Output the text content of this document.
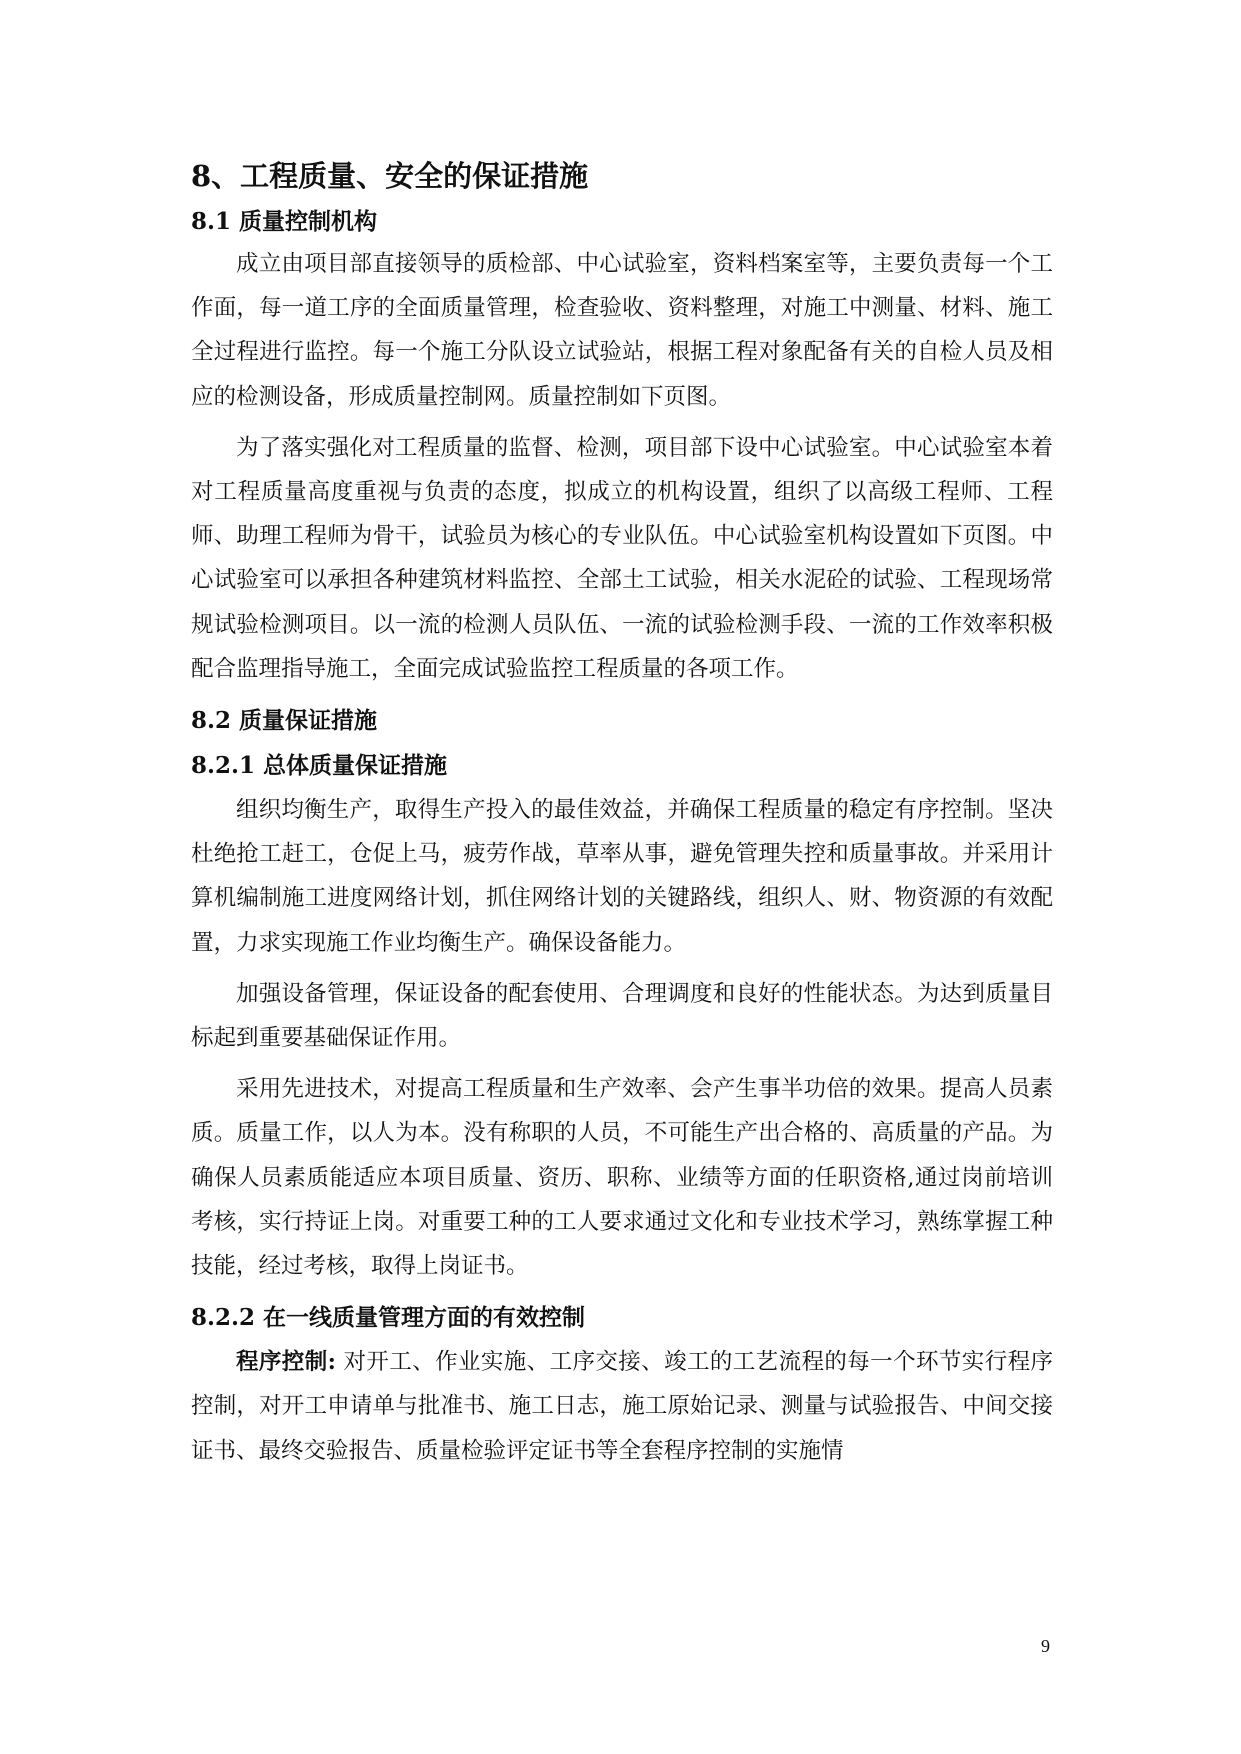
8、工程质量、安全的保证措施
8.1 质量控制机构

成立由项目部直接领导的质检部、中心试验室，资料档案室等，主要负责每一个工作面，每一道工序的全面质量管理，检查验收、资料整理，对施工中测量、材料、施工全过程进行监控。每一个施工分队设立试验站，根据工程对象配备有关的自检人员及相应的检测设备，形成质量控制网。质量控制如下页图。

为了落实强化对工程质量的监督、检测，项目部下设中心试验室。中心试验室本着对工程质量高度重视与负责的态度，拟成立的机构设置，组织了以高级工程师、工程师、助理工程师为骨干，试验员为核心的专业队伍。中心试验室机构设置如下页图。中心试验室可以承担各种建筑材料监控、全部土工试验，相关水泥砼的试验、工程现场常规试验检测项目。以一流的检测人员队伍、一流的试验检测手段、一流的工作效率积极配合监理指导施工，全面完成试验监控工程质量的各项工作。

8.2 质量保证措施
8.2.1 总体质量保证措施

组织均衡生产，取得生产投入的最佳效益，并确保工程质量的稳定有序控制。坚决杜绝抢工赶工，仓促上马，疲劳作战，草率从事，避免管理失控和质量事故。并采用计算机编制施工进度网络计划，抓住网络计划的关键路线，组织人、财、物资源的有效配置，力求实现施工作业均衡生产。确保设备能力。

加强设备管理，保证设备的配套使用、合理调度和良好的性能状态。为达到质量目标起到重要基础保证作用。

采用先进技术，对提高工程质量和生产效率、会产生事半功倍的效果。提高人员素质。质量工作，以人为本。没有称职的人员，不可能生产出合格的、高质量的产品。为确保人员素质能适应本项目质量、资历、职称、业绩等方面的任职资格,通过岗前培训考核，实行持证上岗。对重要工种的工人要求通过文化和专业技术学习，熟练掌握工种技能，经过考核，取得上岗证书。

8.2.2 在一线质量管理方面的有效控制

程序控制: 对开工、作业实施、工序交接、竣工的工艺流程的每一个环节实行程序控制，对开工申请单与批准书、施工日志，施工原始记录、测量与试验报告、中间交接证书、最终交验报告、质量检验评定证书等全套程序控制的实施情

9
